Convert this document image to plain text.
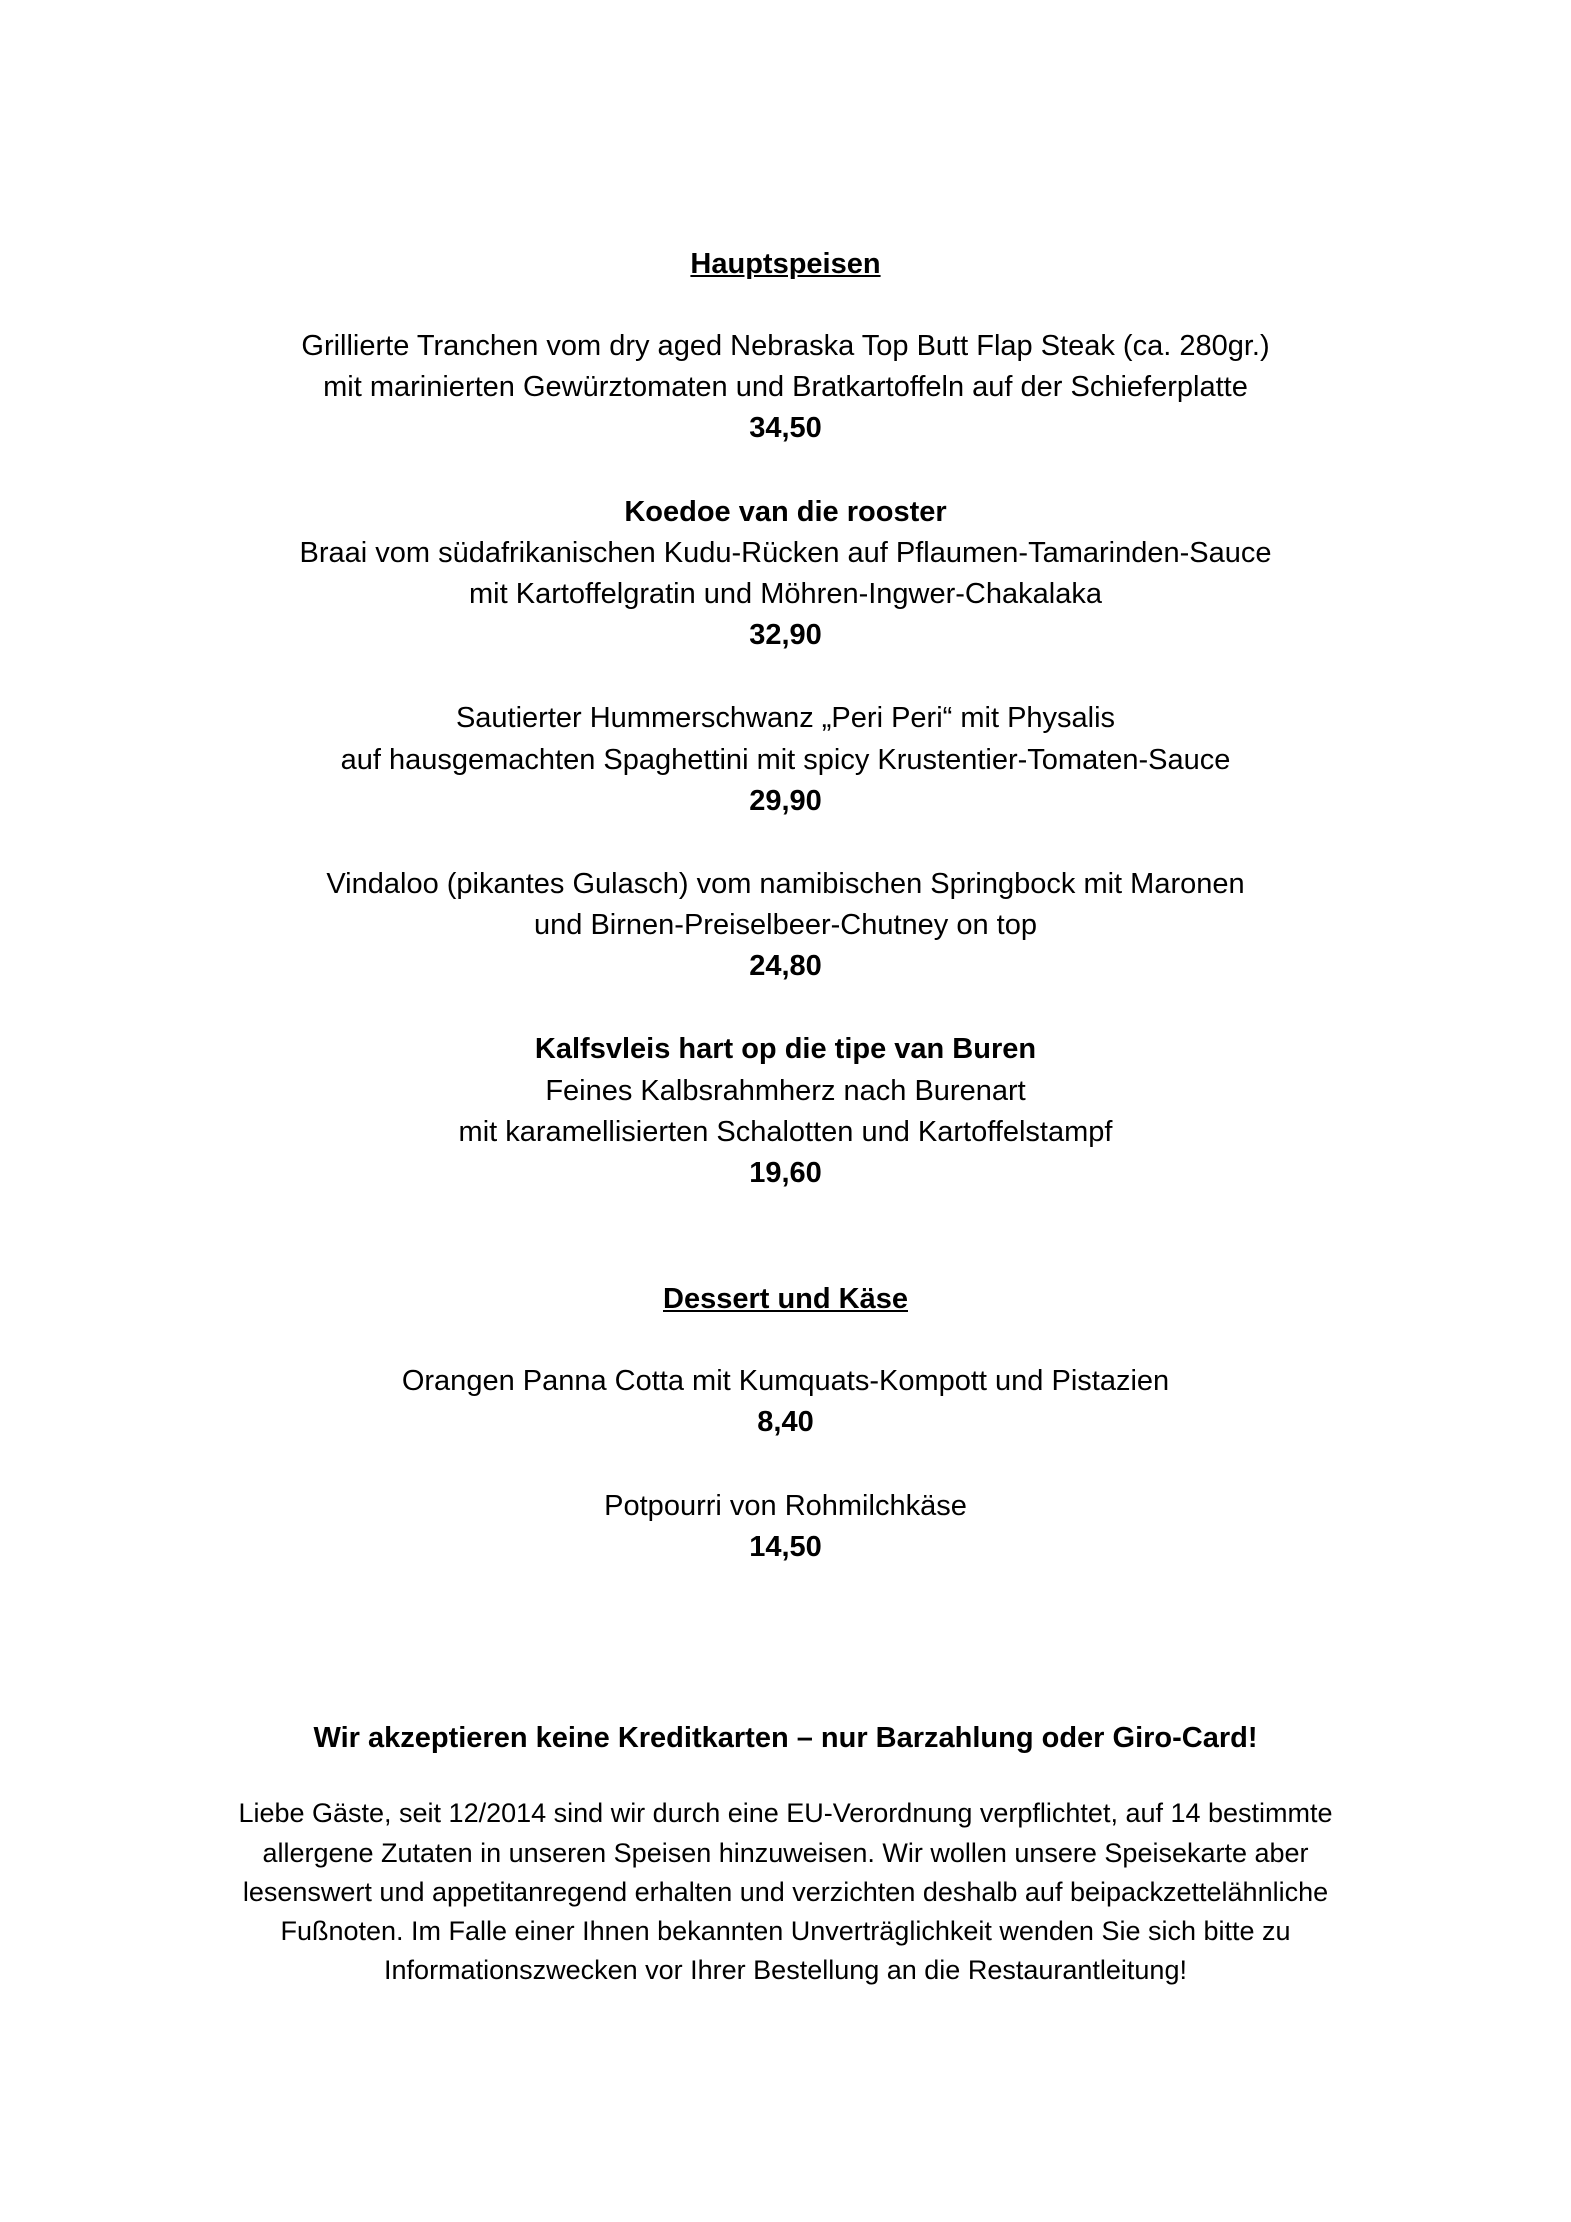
Hauptspeisen
Grillierte Tranchen vom dry aged Nebraska Top Butt Flap Steak (ca. 280gr.)
mit marinierten Gewürztomaten und Bratkartoffeln auf der Schieferplatte
34,50
Koedoe van die rooster
Braai vom südafrikanischen Kudu-Rücken auf Pflaumen-Tamarinden-Sauce
mit Kartoffelgratin und Möhren-Ingwer-Chakalaka
32,90
Sautierter Hummerschwanz „Peri Peri“ mit Physalis
auf hausgemachten Spaghettini mit spicy Krustentier-Tomaten-Sauce
29,90
Vindaloo (pikantes Gulasch) vom namibischen Springbock mit Maronen
und Birnen-Preiselbeer-Chutney on top
24,80
Kalfsvleis hart op die tipe van Buren
Feines Kalbsrahmherz nach Burenart
mit karamellisierten Schalotten und Kartoffelstampf
19,60
Dessert und Käse
Orangen Panna Cotta mit Kumquats-Kompott und Pistazien
8,40
Potpourri von Rohmilchkäse
14,50
Wir akzeptieren keine Kreditkarten – nur Barzahlung oder Giro-Card!
Liebe Gäste, seit 12/2014 sind wir durch eine EU-Verordnung verpflichtet, auf 14 bestimmte
allergene Zutaten in unseren Speisen hinzuweisen. Wir wollen unsere Speisekarte aber
lesenswert und appetitanregend erhalten und verzichten deshalb auf beipackzettelähnliche
Fußnoten. Im Falle einer Ihnen bekannten Unverträglichkeit wenden Sie sich bitte zu
Informationszwecken vor Ihrer Bestellung an die Restaurantleitung!
